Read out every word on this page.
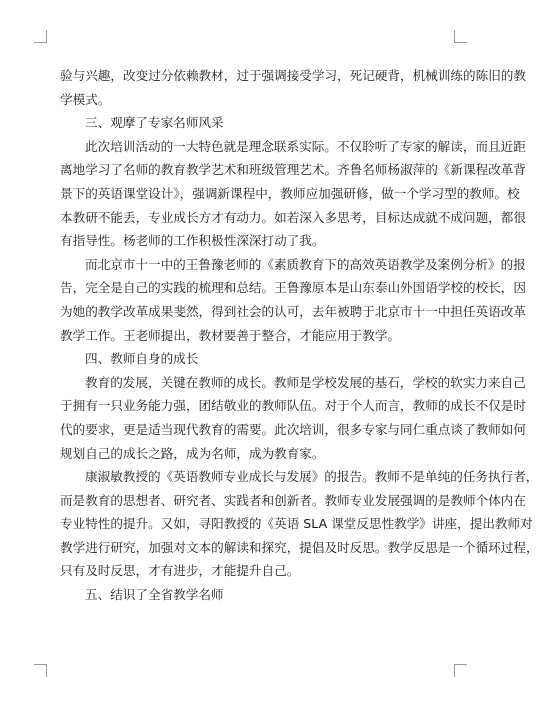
验与兴趣，改变过分依赖教材，过于强调接受学习，死记硬背，机械训练的陈旧的教
学模式。
三、观摩了专家名师风采
此次培训活动的一大特色就是理念联系实际。不仅聆听了专家的解读，而且近距
离地学习了名师的教育教学艺术和班级管理艺术。齐鲁名师杨淑萍的《新课程改革背
景下的英语课堂设计》，强调新课程中，教师应加强研修，做一个学习型的教师。校
本教研不能丢，专业成长方才有动力。如若深入多思考，目标达成就不成问题，都很
有指导性。杨老师的工作积极性深深打动了我。
而北京市十一中的王鲁豫老师的《素质教育下的高效英语教学及案例分析》的报
告，完全是自己的实践的梳理和总结。王鲁豫原本是山东泰山外国语学校的校长，因
为她的教学改革成果斐然，得到社会的认可，去年被聘于北京市十一中担任英语改革
教学工作。王老师提出，教材要善于整合，才能应用于教学。
四、教师自身的成长
教育的发展，关键在教师的成长。教师是学校发展的基石，学校的软实力来自己
于拥有一只业务能力强，团结敬业的教师队伍。对于个人而言，教师的成长不仅是时
代的要求，更是适当现代教育的需要。此次培训，很多专家与同仁重点谈了教师如何
规划自己的成长之路，成为名师，成为教育家。
康淑敏教授的《英语教师专业成长与发展》的报告。教师不是单纯的任务执行者，
而是教育的思想者、研究者、实践者和创新者。教师专业发展强调的是教师个体内在
专业特性的提升。又如，寻阳教授的《英语 SLA 课堂反思性教学》讲座，提出教师对
教学进行研究，加强对文本的解读和探究，提倡及时反思。教学反思是一个循环过程，
只有及时反思，才有进步，才能提升自己。
五、结识了全省教学名师
